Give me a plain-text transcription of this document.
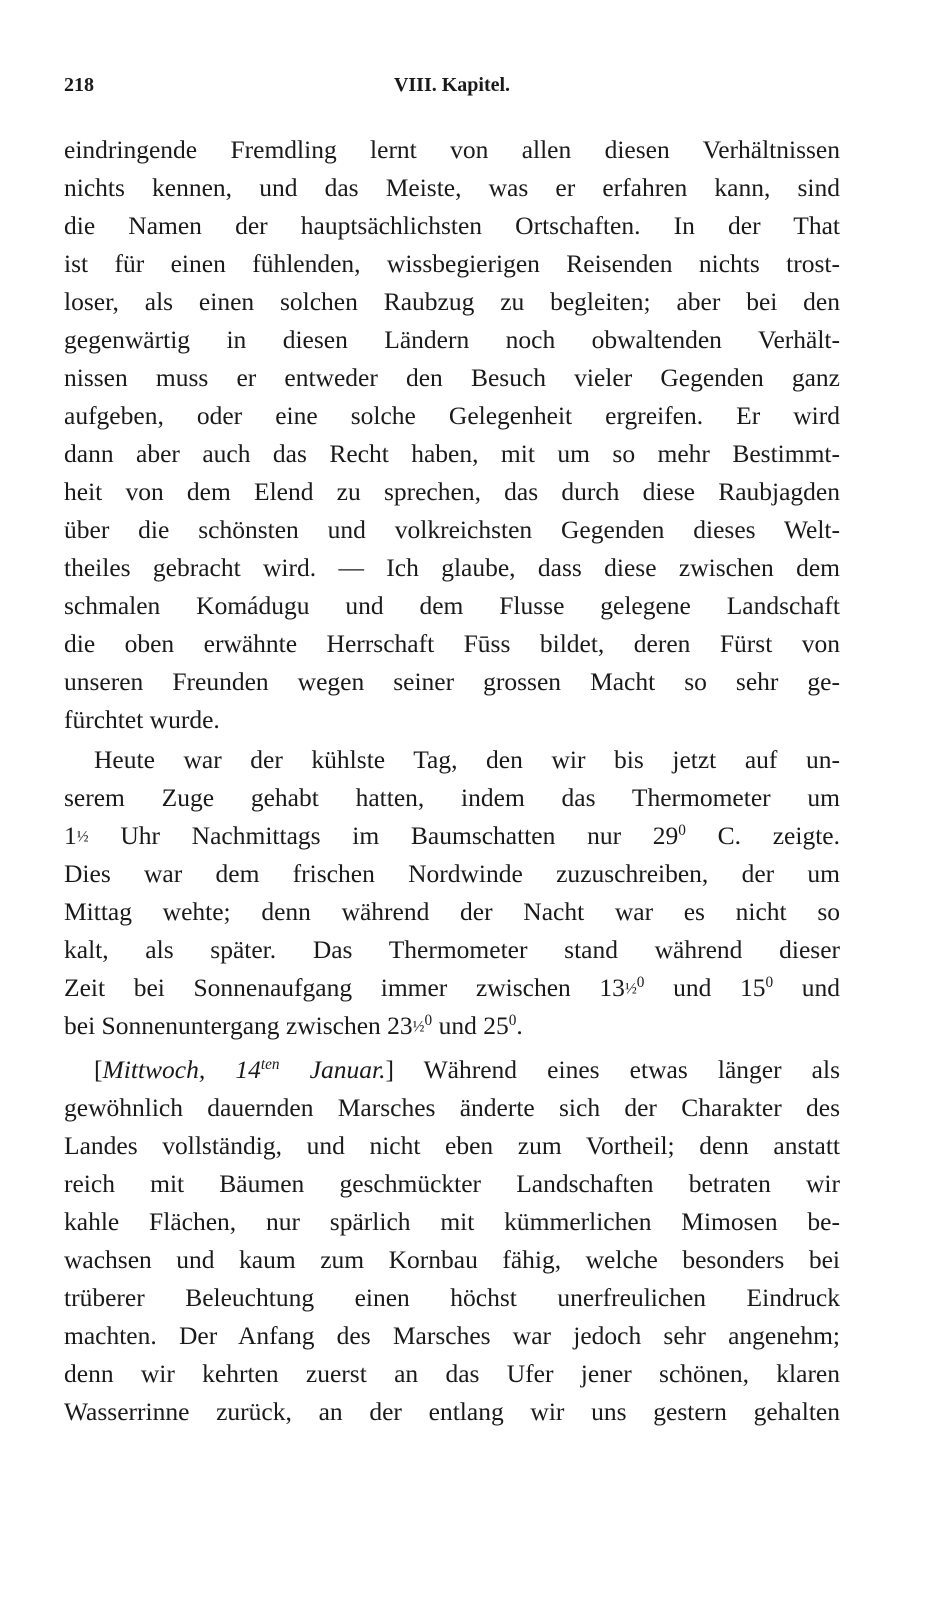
218	VIII. Kapitel.
eindringende Fremdling lernt von allen diesen Verhältnissen
nichts kennen, und das Meiste, was er erfahren kann, sind
die Namen der hauptsächlichsten Ortschaften. In der That
ist für einen fühlenden, wissbegierigen Reisenden nichts trost-
loser, als einen solchen Raubzug zu begleiten; aber bei den
gegenwärtig in diesen Ländern noch obwaltenden Verhält-
nissen muss er entweder den Besuch vieler Gegenden ganz
aufgeben, oder eine solche Gelegenheit ergreifen. Er wird
dann aber auch das Recht haben, mit um so mehr Bestimmt-
heit von dem Elend zu sprechen, das durch diese Raubjagden
über die schönsten und volkreichsten Gegenden dieses Welt-
theiles gebracht wird. — Ich glaube, dass diese zwischen dem
schmalen Komádugu und dem Flusse gelegene Landschaft
die oben erwähnte Herrschaft Fūss bildet, deren Fürst von
unseren Freunden wegen seiner grossen Macht so sehr ge-
fürchtet wurde.
Heute war der kühlste Tag, den wir bis jetzt auf un-
serem Zuge gehabt hatten, indem das Thermometer um
1½ Uhr Nachmittags im Baumschatten nur $29^0$ C. zeigte.
Dies war dem frischen Nordwinde zuzuschreiben, der um
Mittag wehte; denn während der Nacht war es nicht so
kalt, als später. Das Thermometer stand während dieser
Zeit bei Sonnenaufgang immer zwischen 13½$^0$ und $15^0$ und
bei Sonnenuntergang zwischen 23½$^0$ und $25^0$.
[Mittwoch, $14^{ten}$ Januar.] Während eines etwas länger als
gewöhnlich dauernden Marsches änderte sich der Charakter des
Landes vollständig, und nicht eben zum Vortheil; denn anstatt
reich mit Bäumen geschmückter Landschaften betraten wir
kahle Flächen, nur spärlich mit kümmerlichen Mimosen be-
wachsen und kaum zum Kornbau fähig, welche besonders bei
trüberer Beleuchtung einen höchst unerfreulichen Eindruck
machten. Der Anfang des Marsches war jedoch sehr angenehm;
denn wir kehrten zuerst an das Ufer jener schönen, klaren
Wasserrinne zurück, an der entlang wir uns gestern gehalten
